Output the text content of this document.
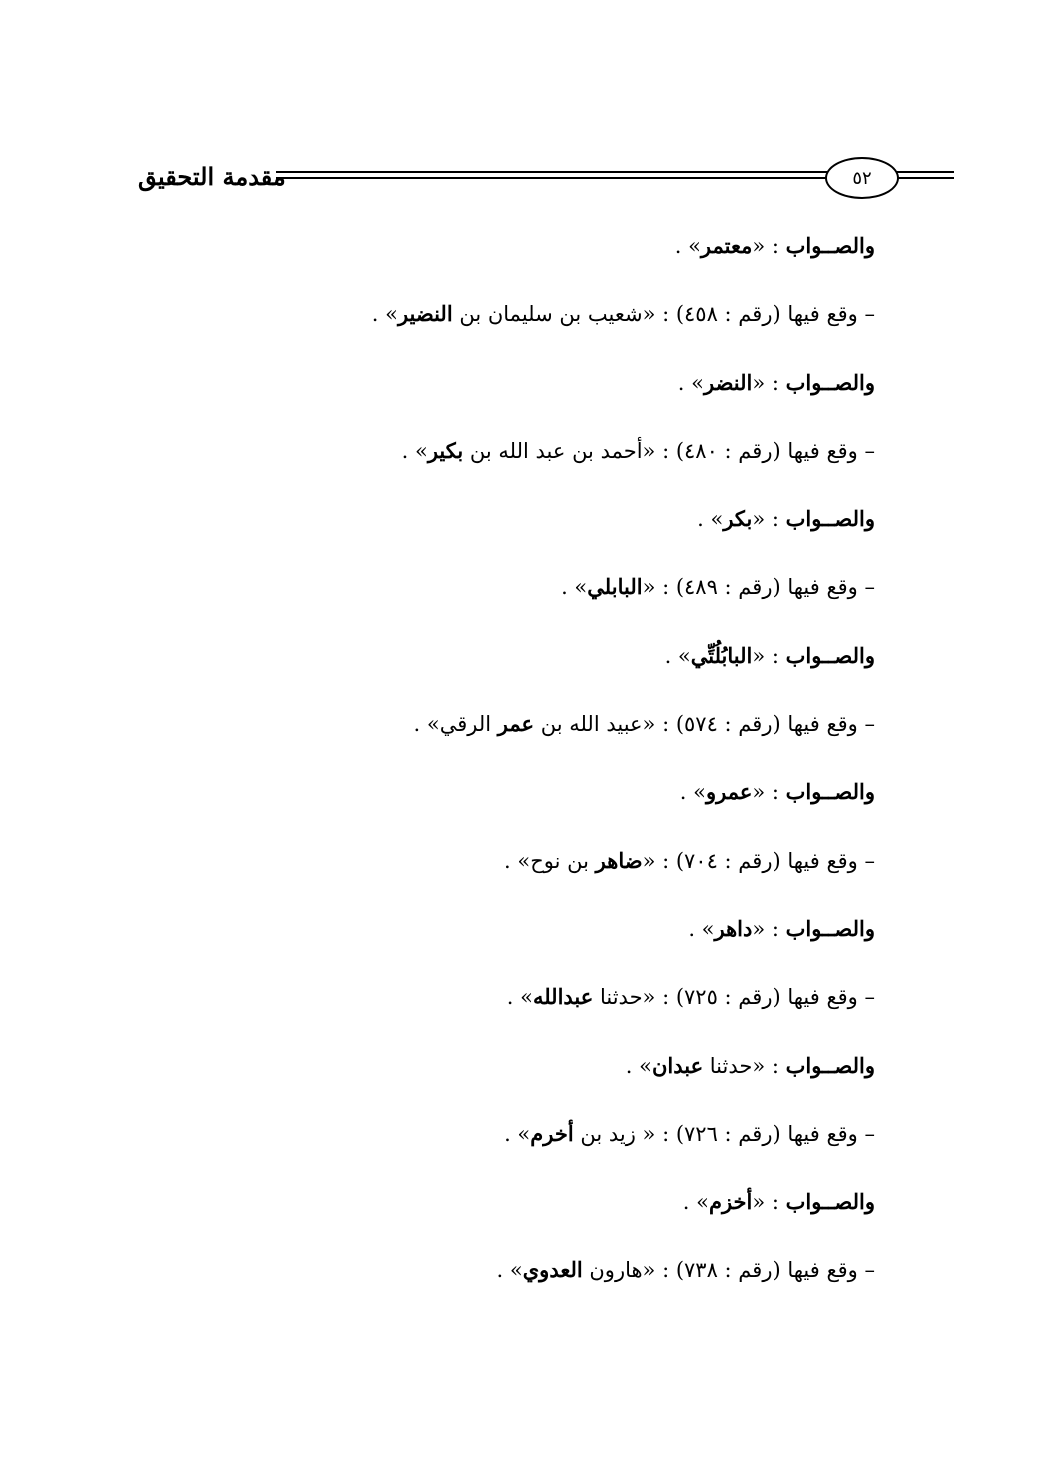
مقدمة التحقيق	٥٢
والصــواب : «معتمر» .
– وقع فيها (رقم : ٤٥٨) : «شعيب بن سليمان بن النضير» .
والصــواب : «النضر» .
– وقع فيها (رقم : ٤٨٠) : «أحمد بن عبد الله بن بكير» .
والصــواب : «بكر» .
– وقع فيها (رقم : ٤٨٩) : «البابلي» .
والصــواب : «البابُلُتِّي» .
– وقع فيها (رقم : ٥٧٤) : «عبيد الله بن عمر الرقي» .
والصــواب : «عمرو» .
– وقع فيها (رقم : ٧٠٤) : «ضاهر بن نوح» .
والصــواب : «داهر» .
– وقع فيها (رقم : ٧٢٥) : «حدثنا عبدالله» .
والصــواب : «حدثنا عبدان» .
– وقع فيها (رقم : ٧٢٦) : « زيد بن أخرم» .
والصــواب : «أخزم» .
– وقع فيها (رقم : ٧٣٨) : «هارون العدوي» .
